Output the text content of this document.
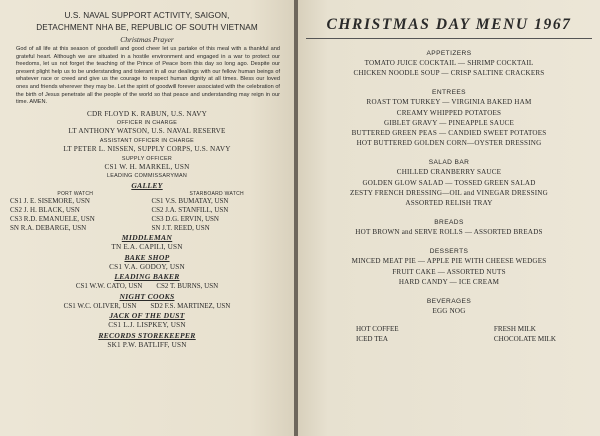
U.S. NAVAL SUPPORT ACTIVITY, SAIGON,
DETACHMENT NHA BE, REPUBLIC OF SOUTH VIETNAM
Christmas Prayer
God of all life at this season of goodwill and good cheer let us partake of this meal with a thankful and grateful heart. Although we are situated in a hostile environment and engaged in a war to protect our freedoms, let us not forget the teaching of the Prince of Peace born this day so long ago. Despite our present plight help us to be understanding and tolerant in all our dealings with our fellow human beings of whatever race or creed and give us the courage to respect human dignity at all times. Bless our loved ones and friends wherever they may be. Let the spirit of goodwill forever associated with the celebration of the birth of Jesus penetrate all the people of the world so that peace and understanding may reign in our time. AMEN.
CDR FLOYD K. RABUN, U.S. NAVY
OFFICER IN CHARGE
LT ANTHONY WATSON, U.S. NAVAL RESERVE
ASSISTANT OFFICER IN CHARGE
LT PETER L. NISSEN, SUPPLY CORPS, U.S. NAVY
SUPPLY OFFICER
CS1 W. H. MARKEL, USN
LEADING COMMISSARYMAN
GALLEY
PORT WATCH
CS1 J. E. SISEMORE, USN
CS2 J. H. BLACK, USN
CS3 R.D. EMANUELE, USN
SN R.A. DEBARGE, USN
STARBOARD WATCH
CS1 V.S. BUMATAY, USN
CS2 J.A. STANFILL, USN
CS3 D.G. ERVIN, USN
SN J.T. REED, USN
MIDDLEMAN
TN E.A. CAPILI, USN
BAKE SHOP
CS1 V.A. GODOY, USN
LEADING BAKER
CS1 W.W. CATO, USN CS2 T. BURNS, USN
NIGHT COOKS
CS1 W.C. OLIVER, USN SD2 F.S. MARTINEZ, USN
JACK OF THE DUST
CS1 L.J. LISPKEY, USN
RECORDS STOREKEEPER
SK1 P.W. BATLIFF, USN
CHRISTMAS DAY MENU 1967
APPETIZERS
TOMATO JUICE COCKTAIL — SHRIMP COCKTAIL
CHICKEN NOODLE SOUP — CRISP SALTINE CRACKERS
ENTREES
ROAST TOM TURKEY — VIRGINIA BAKED HAM
CREAMY WHIPPED POTATOES
GIBLET GRAVY — PINEAPPLE SAUCE
BUTTERED GREEN PEAS — CANDIED SWEET POTATOES
HOT BUTTERED GOLDEN CORN—OYSTER DRESSING
SALAD BAR
CHILLED CRANBERRY SAUCE
GOLDEN GLOW SALAD — TOSSED GREEN SALAD
ZESTY FRENCH DRESSING—OIL and VINEGAR DRESSING
ASSORTED RELISH TRAY
BREADS
HOT BROWN and SERVE ROLLS — ASSORTED BREADS
DESSERTS
MINCED MEAT PIE — APPLE PIE WITH CHEESE WEDGES
FRUIT CAKE — ASSORTED NUTS
HARD CANDY — ICE CREAM
BEVERAGES
EGG NOG
HOT COFFEE
ICED TEA
FRESH MILK
CHOCOLATE MILK
